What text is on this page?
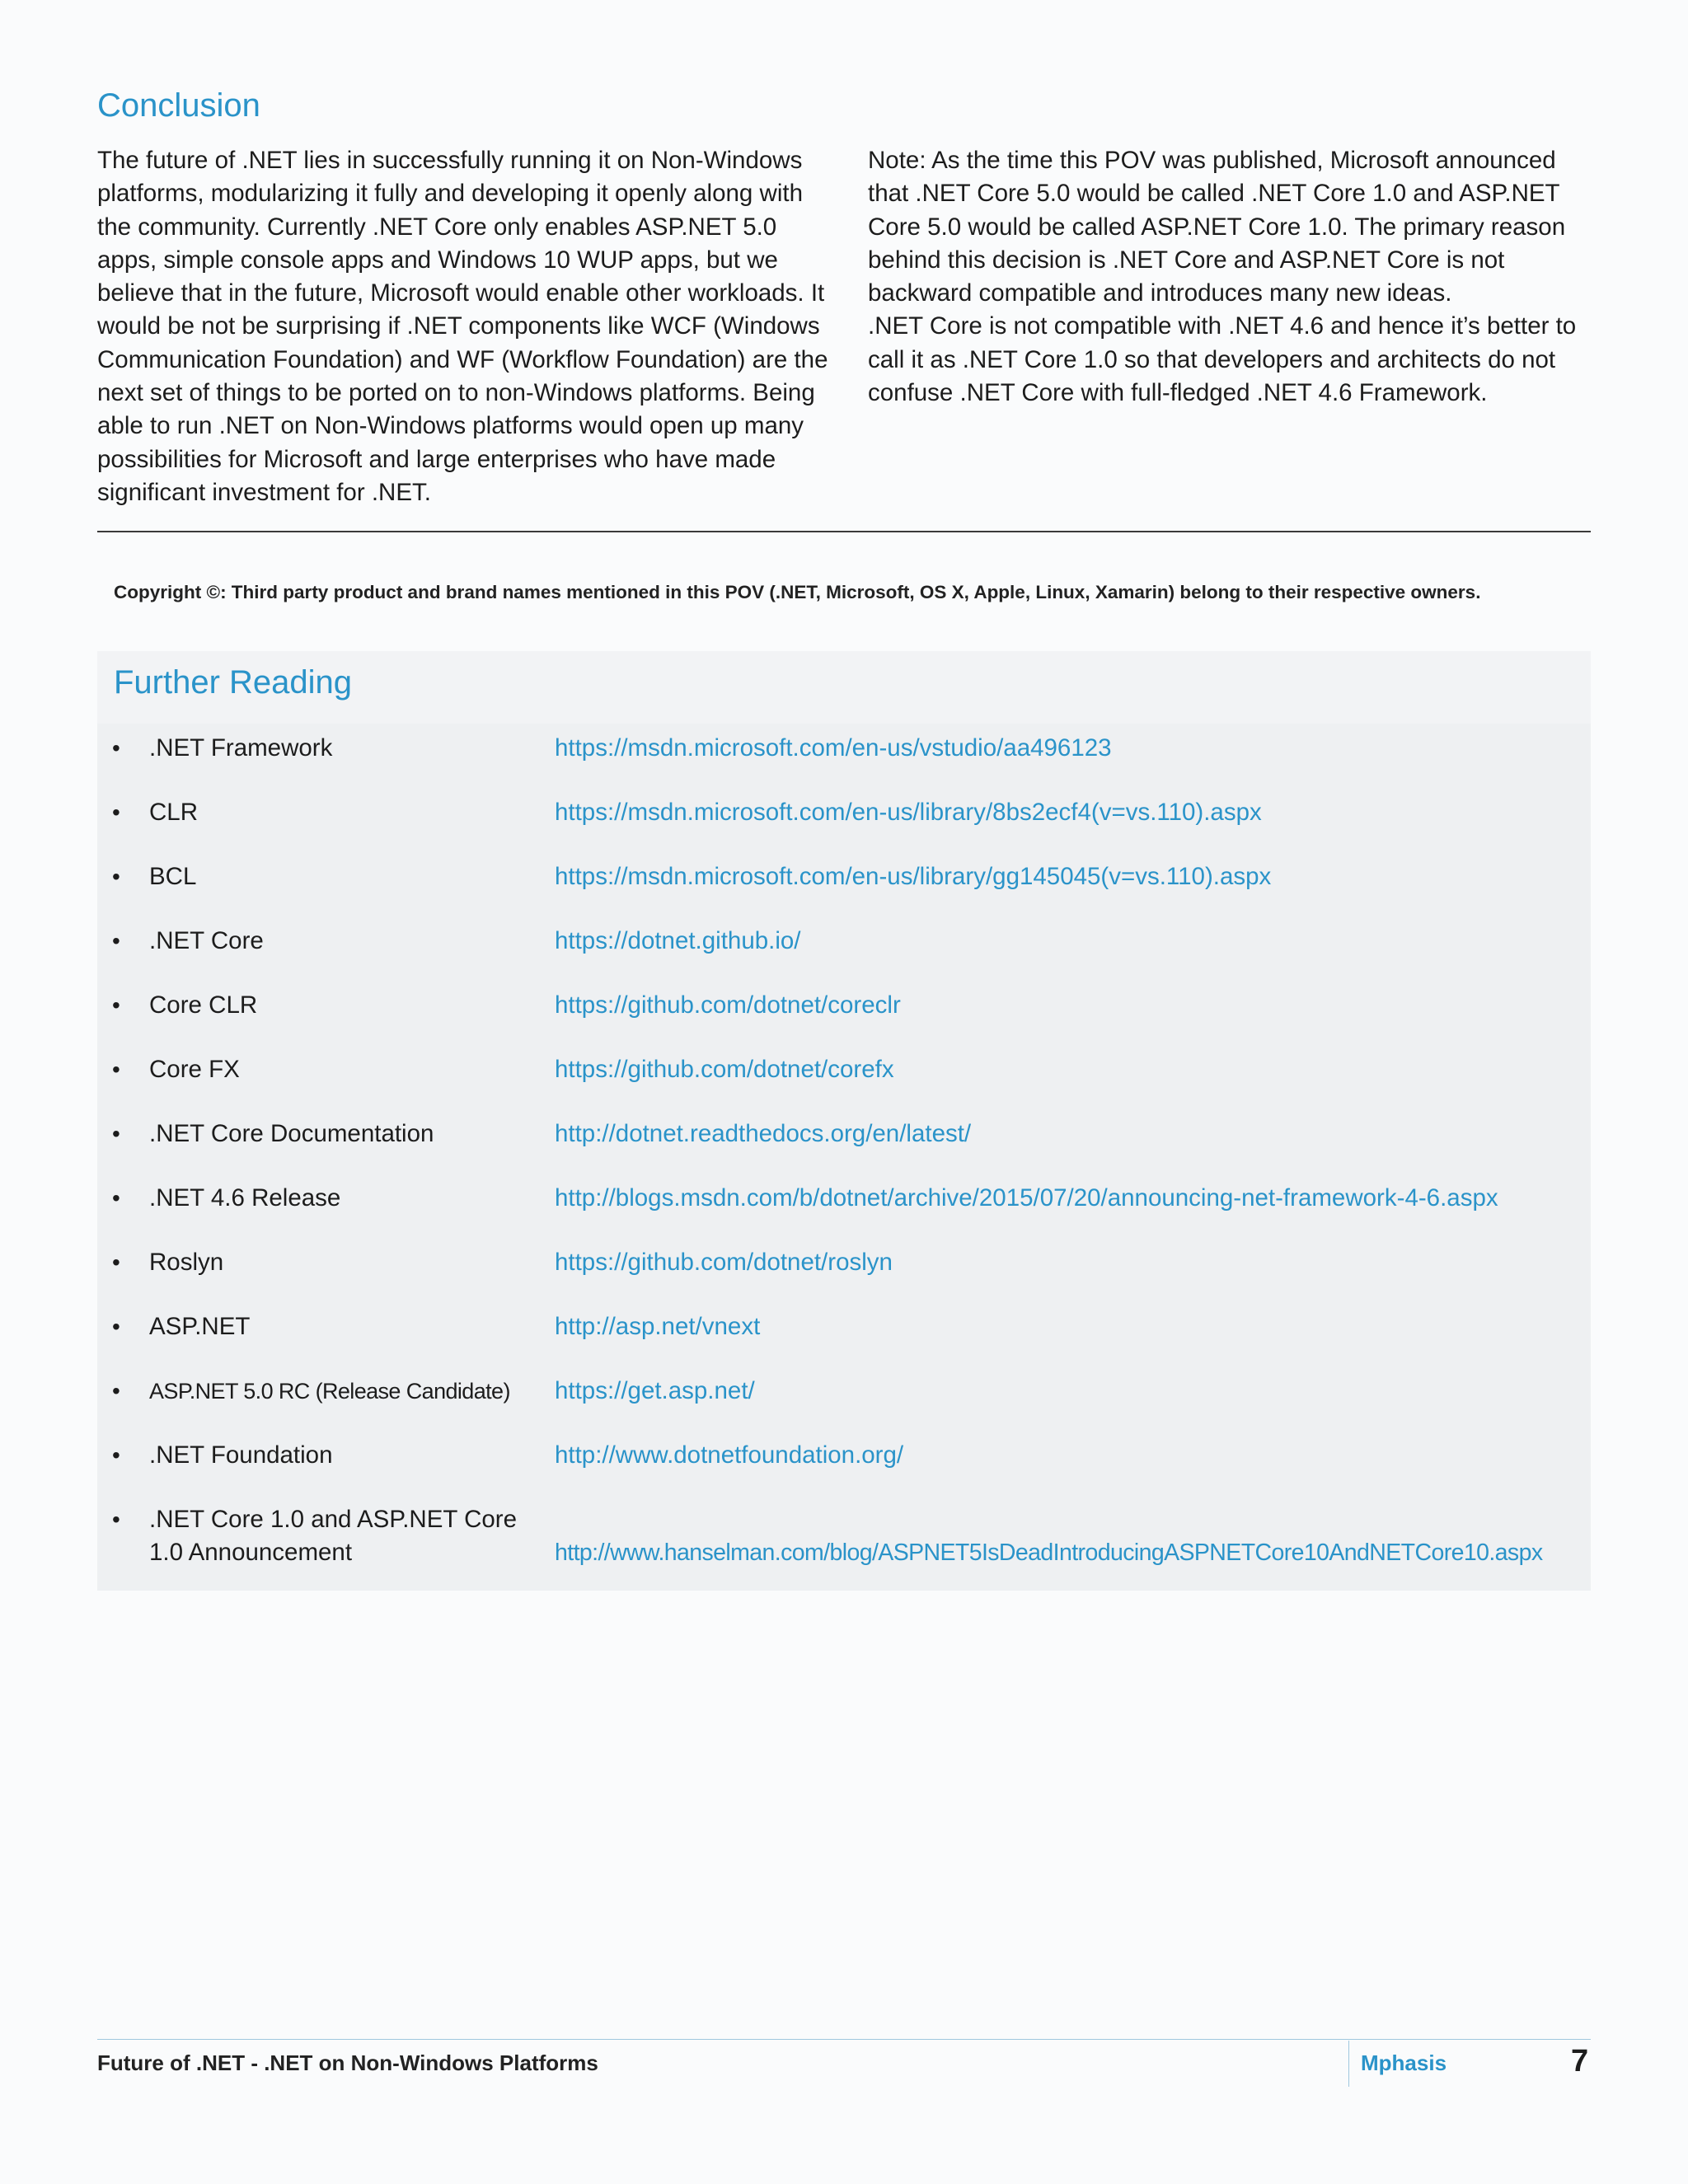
Conclusion

The future of .NET lies in successfully running it on Non-Windows platforms, modularizing it fully and developing it openly along with the community. Currently .NET Core only enables ASP.NET 5.0 apps, simple console apps and Windows 10 WUP apps, but we believe that in the future, Microsoft would enable other workloads. It would be not be surprising if .NET components like WCF (Windows Communication Foundation) and WF (Workflow Foundation) are the next set of things to be ported on to non-Windows platforms. Being able to run .NET on Non-Windows platforms would open up many possibilities for Microsoft and large enterprises who have made significant investment for .NET.

Note: As the time this POV was published, Microsoft announced that .NET Core 5.0 would be called .NET Core 1.0 and ASP.NET Core 5.0 would be called ASP.NET Core 1.0. The primary reason behind this decision is .NET Core and ASP.NET Core is not backward compatible and introduces many new ideas.
.NET Core is not compatible with .NET 4.6 and hence it’s better to call it as .NET Core 1.0 so that developers and architects do not confuse .NET Core with full-fledged .NET 4.6 Framework.
Copyright ©: Third party product and brand names mentioned in this POV (.NET, Microsoft, OS X, Apple, Linux, Xamarin) belong to their respective owners.
Further Reading
• .NET Framework	https://msdn.microsoft.com/en-us/vstudio/aa496123
• CLR	https://msdn.microsoft.com/en-us/library/8bs2ecf4(v=vs.110).aspx
• BCL	https://msdn.microsoft.com/en-us/library/gg145045(v=vs.110).aspx
• .NET Core	https://dotnet.github.io/
• Core CLR	https://github.com/dotnet/coreclr
• Core FX	https://github.com/dotnet/corefx
• .NET Core Documentation	http://dotnet.readthedocs.org/en/latest/
• .NET 4.6 Release	http://blogs.msdn.com/b/dotnet/archive/2015/07/20/announcing-net-framework-4-6.aspx
• Roslyn	https://github.com/dotnet/roslyn
• ASP.NET	http://asp.net/vnext
• ASP.NET 5.0 RC (Release Candidate) https://get.asp.net/
• .NET Foundation	http://www.dotnetfoundation.org/
• .NET Core 1.0 and ASP.NET Core 1.0 Announcement	http://www.hanselman.com/blog/ASPNET5IsDeadIntroducingASPNETCore10AndNETCore10.aspx
Future of .NET - .NET on Non-Windows Platforms	Mphasis	7
